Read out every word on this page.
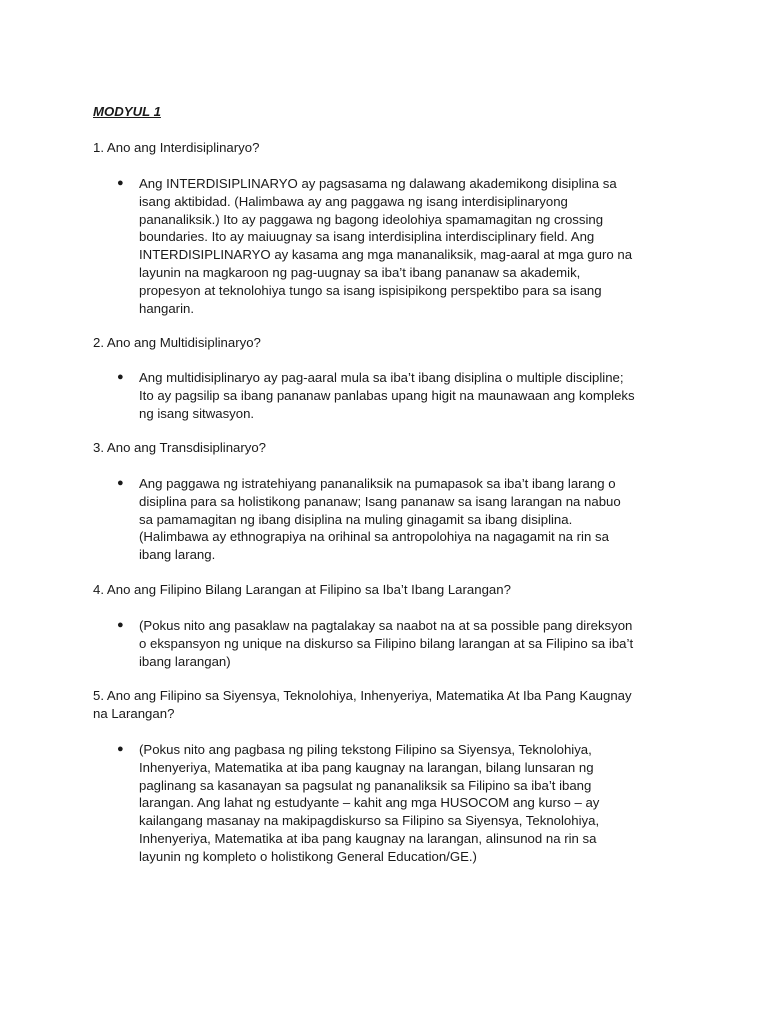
MODYUL 1
1. Ano ang Interdisiplinaryo?
●	Ang INTERDISIPLINARYO ay pagsasama ng dalawang akademikong disiplina sa
isang aktibidad. (Halimbawa ay ang paggawa ng isang interdisiplinaryong
pananaliksik.) Ito ay paggawa ng bagong ideolohiya spamamagitan ng crossing
boundaries. Ito ay maiuugnay sa isang interdisiplina interdisciplinary field. Ang
INTERDISIPLINARYO ay kasama ang mga mananaliksik, mag-aaral at mga guro na
layunin na magkaroon ng pag-uugnay sa iba’t ibang pananaw sa akademik,
propesyon at teknolohiya tungo sa isang ispisipikong perspektibo para sa isang
hangarin.
2. Ano ang Multidisiplinaryo?
●	Ang multidisiplinaryo ay pag-aaral mula sa iba’t ibang disiplina o multiple discipline;
Ito ay pagsilip sa ibang pananaw panlabas upang higit na maunawaan ang kompleks
ng isang sitwasyon.
3. Ano ang Transdisiplinaryo?
●	Ang paggawa ng istratehiyang pananaliksik na pumapasok sa iba’t ibang larang o
disiplina para sa holistikong pananaw; Isang pananaw sa isang larangan na nabuo
sa pamamagitan ng ibang disiplina na muling ginagamit sa ibang disiplina.
(Halimbawa ay ethnograpiya na orihinal sa antropolohiya na nagagamit na rin sa
ibang larang.
4. Ano ang Filipino Bilang Larangan at Filipino sa Iba’t Ibang Larangan?
●	(Pokus nito ang pasaklaw na pagtalakay sa naabot na at sa possible pang direksyon
o ekspansyon ng unique na diskurso sa Filipino bilang larangan at sa Filipino sa iba’t
ibang larangan)
5. Ano ang Filipino sa Siyensya, Teknolohiya, Inhenyeriya, Matematika At Iba Pang Kaugnay
na Larangan?
●	(Pokus nito ang pagbasa ng piling tekstong Filipino sa Siyensya, Teknolohiya,
Inhenyeriya, Matematika at iba pang kaugnay na larangan, bilang lunsaran ng
paglinang sa kasanayan sa pagsulat ng pananaliksik sa Filipino sa iba’t ibang
larangan. Ang lahat ng estudyante – kahit ang mga HUSOCOM ang kurso – ay
kailangang masanay na makipagdiskurso sa Filipino sa Siyensya, Teknolohiya,
Inhenyeriya, Matematika at iba pang kaugnay na larangan, alinsunod na rin sa
layunin ng kompleto o holistikong General Education/GE.)
